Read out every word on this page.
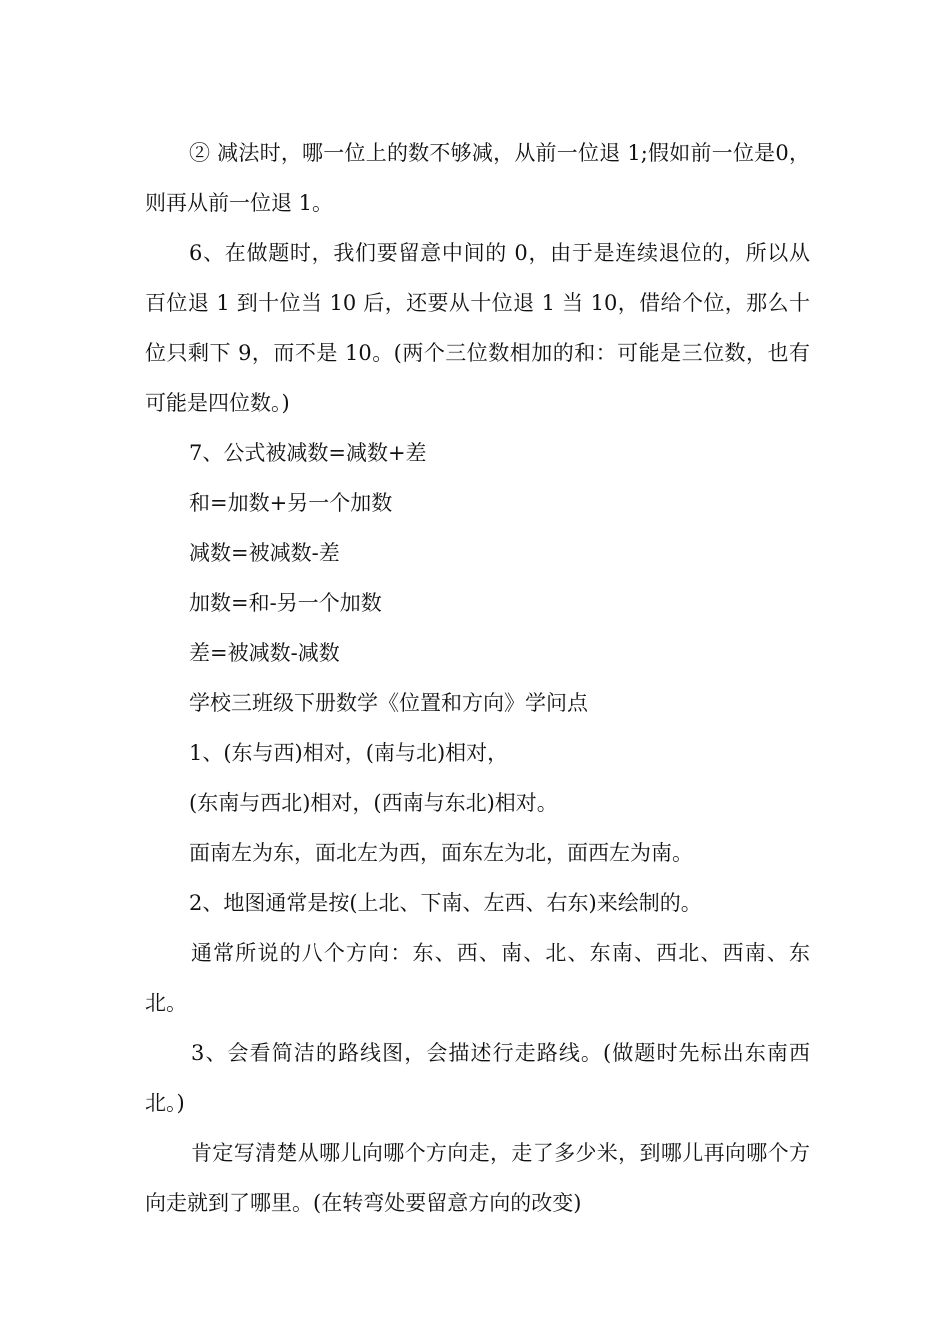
② 减法时，哪一位上的数不够减，从前一位退 1;假如前一位是0，则再从前一位退 1。

6、在做题时，我们要留意中间的 0，由于是连续退位的，所以从百位退 1 到十位当 10 后，还要从十位退 1 当 10，借给个位，那么十位只剩下 9，而不是 10。(两个三位数相加的和：可能是三位数，也有可能是四位数。)

7、公式被减数=减数+差

和=加数+另一个加数

减数=被减数-差

加数=和-另一个加数

差=被减数-减数

学校三班级下册数学《位置和方向》学问点

1、(东与西)相对，(南与北)相对，

(东南与西北)相对，(西南与东北)相对。

面南左为东，面北左为西，面东左为北，面西左为南。

2、地图通常是按(上北、下南、左西、右东)来绘制的。

通常所说的八个方向：东、西、南、北、东南、西北、西南、东北。

3、会看简洁的路线图，会描述行走路线。(做题时先标出东南西北。)

肯定写清楚从哪儿向哪个方向走，走了多少米，到哪儿再向哪个方向走就到了哪里。(在转弯处要留意方向的改变)
